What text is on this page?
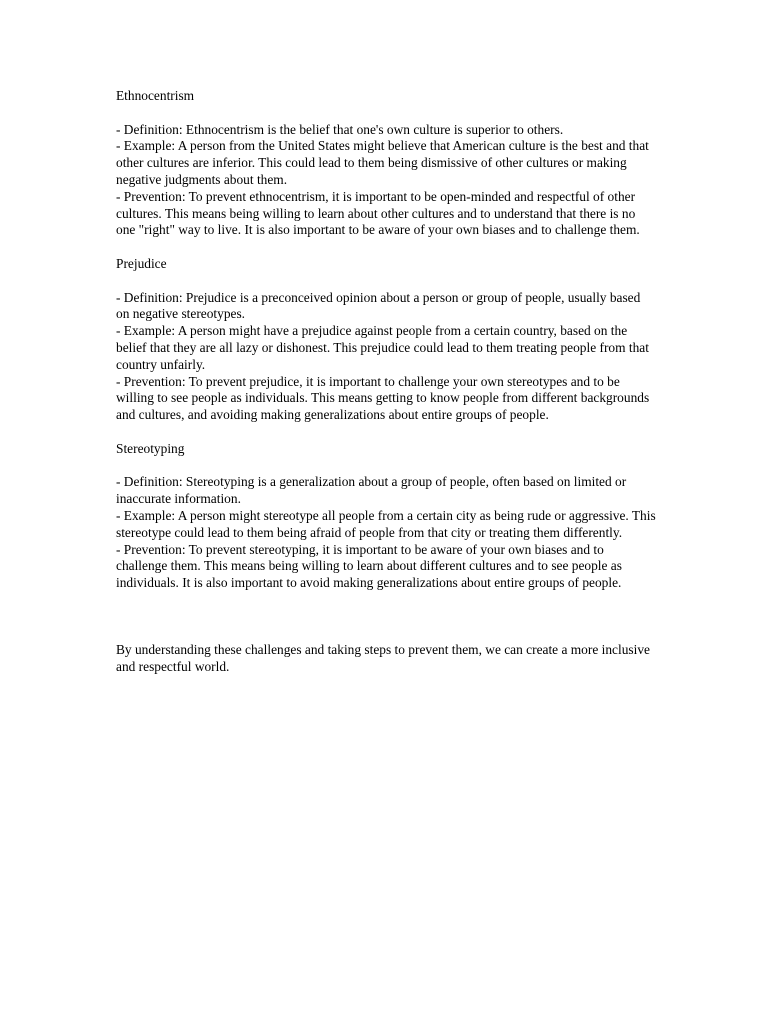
Ethnocentrism

- Definition: Ethnocentrism is the belief that one's own culture is superior to others.

- Example: A person from the United States might believe that American culture is the best and that other cultures are inferior. This could lead to them being dismissive of other cultures or making negative judgments about them.

- Prevention: To prevent ethnocentrism, it is important to be open-minded and respectful of other cultures. This means being willing to learn about other cultures and to understand that there is no one "right" way to live. It is also important to be aware of your own biases and to challenge them.

Prejudice

- Definition: Prejudice is a preconceived opinion about a person or group of people, usually based on negative stereotypes.

- Example: A person might have a prejudice against people from a certain country, based on the belief that they are all lazy or dishonest. This prejudice could lead to them treating people from that country unfairly.

- Prevention: To prevent prejudice, it is important to challenge your own stereotypes and to be willing to see people as individuals. This means getting to know people from different backgrounds and cultures, and avoiding making generalizations about entire groups of people.

Stereotyping

- Definition: Stereotyping is a generalization about a group of people, often based on limited or inaccurate information.

- Example: A person might stereotype all people from a certain city as being rude or aggressive. This stereotype could lead to them being afraid of people from that city or treating them differently.

- Prevention: To prevent stereotyping, it is important to be aware of your own biases and to challenge them. This means being willing to learn about different cultures and to see people as individuals. It is also important to avoid making generalizations about entire groups of people.

By understanding these challenges and taking steps to prevent them, we can create a more inclusive and respectful world.
